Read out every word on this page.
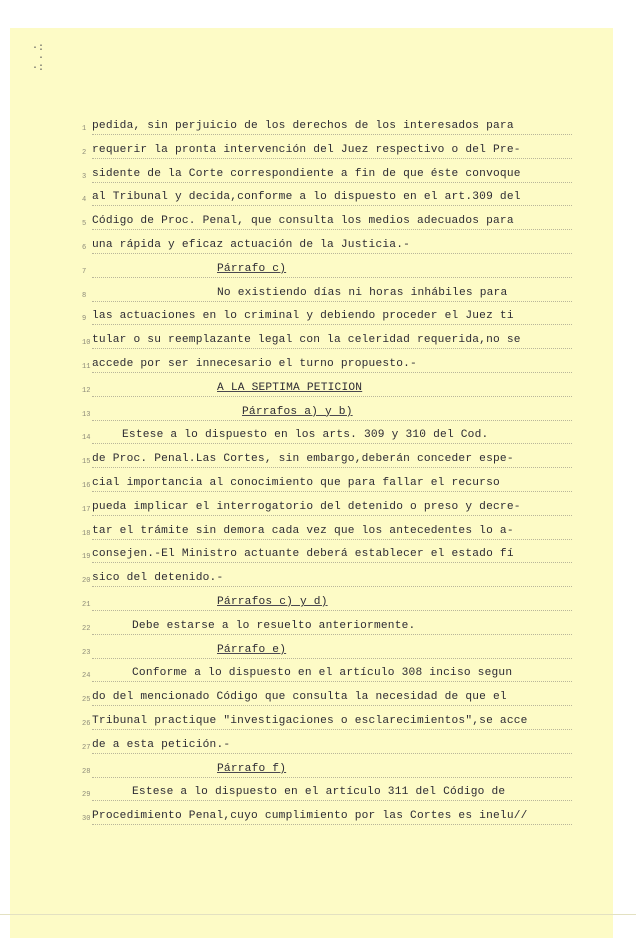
·:
·
·:
1 pedida, sin perjuicio de los derechos de los interesados para
2 requerir la pronta intervención del Juez respectivo o del Pre-
3 sidente de la Corte correspondiente a fin de que éste convoque
4 al Tribunal y decida,conforme a lo dispuesto en el art.309 del
5 Código de Proc. Penal, que consulta los medios adecuados para
6 una rápida y eficaz actuación de la Justicia.-
7	Párrafo c)
8	No existiendo días ni horas inhábiles para
9 las actuaciones en lo criminal y debiendo proceder el Juez ti
10 tular o su reemplazante legal con la celeridad requerida,no se
11 accede por ser innecesario el turno propuesto.-
12	A LA SEPTIMA PETICION
13	Párrafos a) y b)
14	Estese a lo dispuesto en los arts. 309 y 310 del Cod.
15 de Proc. Penal.Las Cortes, sin embargo,deberán conceder espe-
16 cial importancia al conocimiento que para fallar el recurso
17 pueda implicar el interrogatorio del detenido o preso y decre-
18 tar el trámite sin demora cada vez que los antecedentes lo a-
19 consejen.-El Ministro actuante deberá establecer el estado fí
20 sico del detenido.-
21	Párrafos c) y d)
22	Debe estarse a lo resuelto anteriormente.
23	Párrafo e)
24	Conforme a lo dispuesto en el artículo 308 inciso segun
25 do del mencionado Código que consulta la necesidad de que el
26 Tribunal practique "investigaciones o esclarecimientos",se acce
27 de a esta petición.-
28	Párrafo f)
29	Estese a lo dispuesto en el artículo 311 del Código de
30 Procedimiento Penal,cuyo cumplimiento por las Cortes es inelu//
